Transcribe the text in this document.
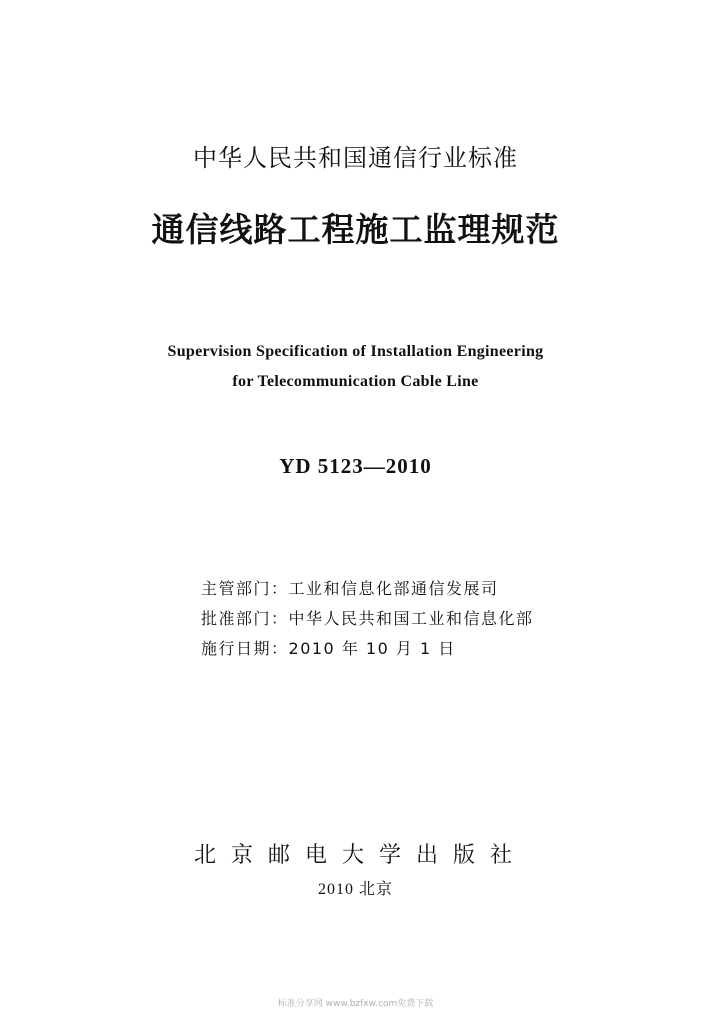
中华人民共和国通信行业标准
通信线路工程施工监理规范
Supervision Specification of Installation Engineering
for Telecommunication Cable Line
YD 5123—2010
主管部门：工业和信息化部通信发展司
批准部门：中华人民共和国工业和信息化部
施行日期：2010 年 10 月 1 日
北京邮电大学出版社
2010 北京
标准分享网 www.bzfxw.com免费下载
